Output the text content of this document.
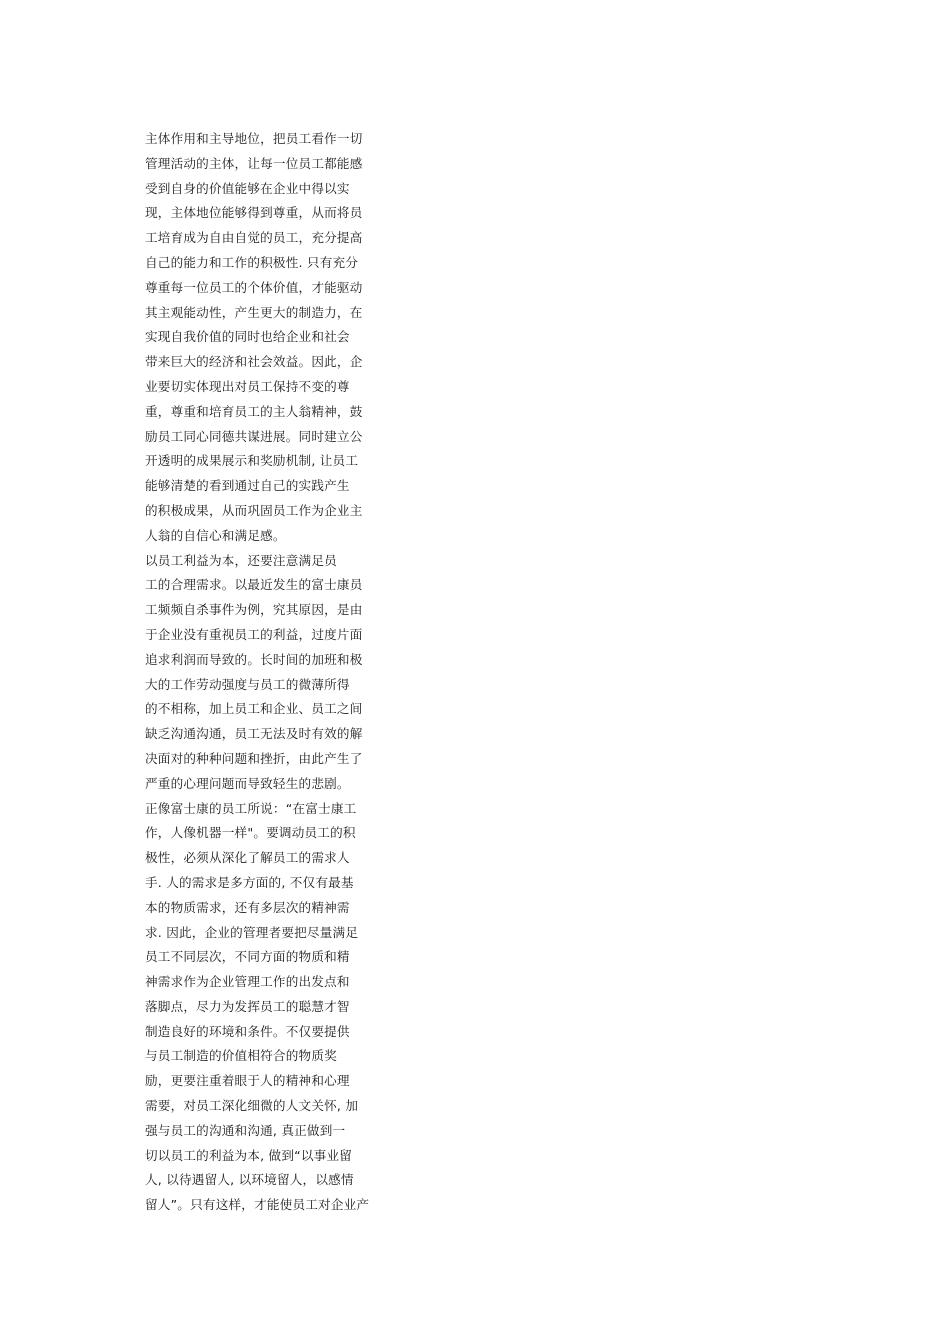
主体作用和主导地位，把员工看作一切
管理活动的主体，让每一位员工都能感
受到自身的价值能够在企业中得以实
现，主体地位能够得到尊重，从而将员
工培育成为自由自觉的员工，充分提高
自己的能力和工作的积极性. 只有充分
尊重每一位员工的个体价值，才能驱动
其主观能动性，产生更大的制造力，在
实现自我价值的同时也给企业和社会
带来巨大的经济和社会效益。因此，企
业要切实体现出对员工保持不变的尊
重，尊重和培育员工的主人翁精神，鼓
励员工同心同德共谋进展。同时建立公
开透明的成果展示和奖励机制, 让员工
能够清楚的看到通过自己的实践产生
的积极成果，从而巩固员工作为企业主
人翁的自信心和满足感。
以员工利益为本，还要注意满足员
工的合理需求。以最近发生的富士康员
工频频自杀事件为例，究其原因，是由
于企业没有重视员工的利益，过度片面
追求利润而导致的。长时间的加班和极
大的工作劳动强度与员工的微薄所得
的不相称，加上员工和企业、员工之间
缺乏沟通沟通，员工无法及时有效的解
决面对的种种问题和挫折，由此产生了
严重的心理问题而导致轻生的悲剧。
正像富士康的员工所说：“在富士康工
作，人像机器一样"。要调动员工的积
极性，必须从深化了解员工的需求人
手. 人的需求是多方面的, 不仅有最基
本的物质需求，还有多层次的精神需
求. 因此，企业的管理者要把尽量满足
员工不同层次，不同方面的物质和精
神需求作为企业管理工作的出发点和
落脚点，尽力为发挥员工的聪慧才智
制造良好的环境和条件。不仅要提供
与员工制造的价值相符合的物质奖
励，更要注重着眼于人的精神和心理
需要，对员工深化细微的人文关怀, 加
强与员工的沟通和沟通, 真正做到一
切以员工的利益为本, 做到“以事业留
人, 以待遇留人, 以环境留人，以感情
留人”。只有这样，才能使员工对企业产
